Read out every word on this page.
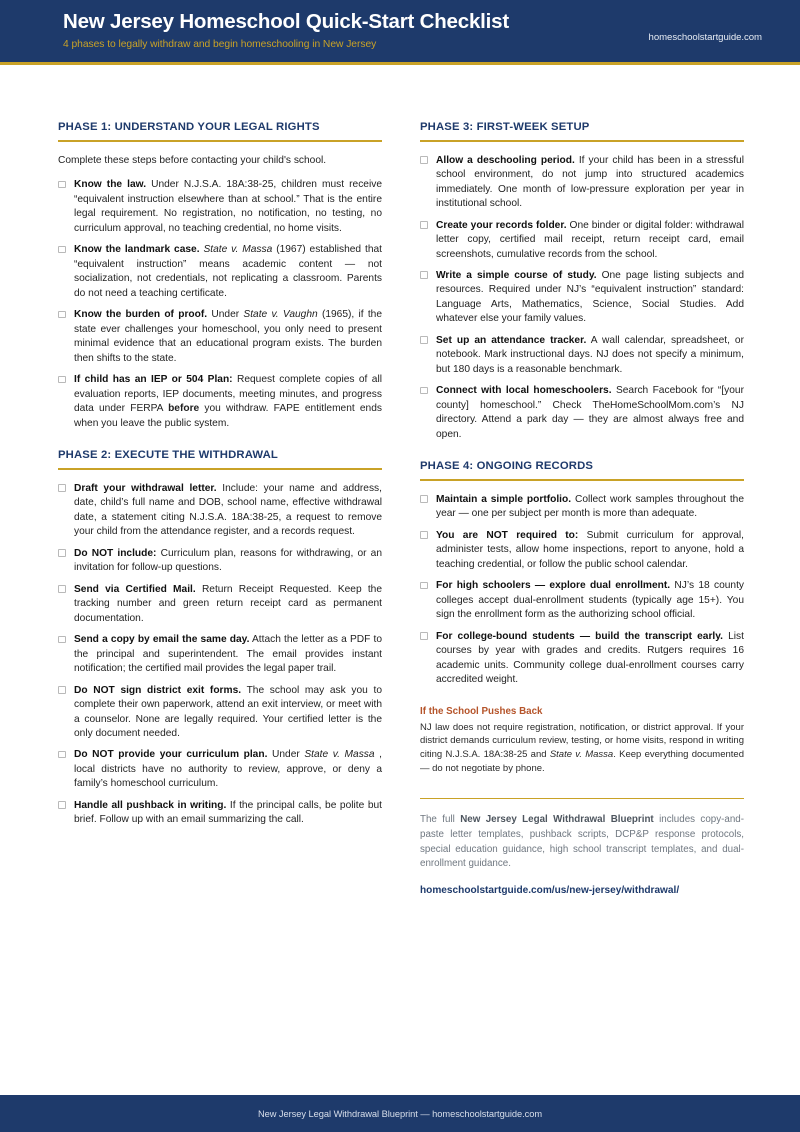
New Jersey Homeschool Quick-Start Checklist
4 phases to legally withdraw and begin homeschooling in New Jersey
homeschoolstartguide.com
PHASE 1: UNDERSTAND YOUR LEGAL RIGHTS

Complete these steps before contacting your child's school.

Know the law. Under N.J.S.A. 18A:38-25, children must receive “equivalent instruction elsewhere than at school.” That is the entire legal requirement. No registration, no notification, no testing, no curriculum approval, no teaching credential, no home visits.
Know the landmark case. State v. Massa (1967) established that “equivalent instruction” means academic content — not socialization, not credentials, not replicating a classroom. Parents do not need a teaching certificate.
Know the burden of proof. Under State v. Vaughn (1965), if the state ever challenges your homeschool, you only need to present minimal evidence that an educational program exists. The burden then shifts to the state.
If child has an IEP or 504 Plan: Request complete copies of all evaluation reports, IEP documents, meeting minutes, and progress data under FERPA before you withdraw. FAPE entitlement ends when you leave the public system.
PHASE 2: EXECUTE THE WITHDRAWAL
Draft your withdrawal letter. Include: your name and address, date, child’s full name and DOB, school name, effective withdrawal date, a statement citing N.J.S.A. 18A:38-25, a request to remove your child from the attendance register, and a records request.
Do NOT include: Curriculum plan, reasons for withdrawing, or an invitation for follow-up questions.
Send via Certified Mail. Return Receipt Requested. Keep the tracking number and green return receipt card as permanent documentation.
Send a copy by email the same day. Attach the letter as a PDF to the principal and superintendent. The email provides instant notification; the certified mail provides the legal paper trail.
Do NOT sign district exit forms. The school may ask you to complete their own paperwork, attend an exit interview, or meet with a counselor. None are legally required. Your certified letter is the only document needed.
Do NOT provide your curriculum plan. Under State v. Massa , local districts have no authority to review, approve, or deny a family’s homeschool curriculum.
Handle all pushback in writing. If the principal calls, be polite but brief. Follow up with an email summarizing the call.
PHASE 3: FIRST-WEEK SETUP
Allow a deschooling period. If your child has been in a stressful school environment, do not jump into structured academics immediately. One month of low-pressure exploration per year in institutional school.
Create your records folder. One binder or digital folder: withdrawal letter copy, certified mail receipt, return receipt card, email screenshots, cumulative records from the school.
Write a simple course of study. One page listing subjects and resources. Required under NJ’s “equivalent instruction” standard: Language Arts, Mathematics, Science, Social Studies. Add whatever else your family values.
Set up an attendance tracker. A wall calendar, spreadsheet, or notebook. Mark instructional days. NJ does not specify a minimum, but 180 days is a reasonable benchmark.
Connect with local homeschoolers. Search Facebook for “[your county] homeschool.” Check TheHomeSchoolMom.com’s NJ directory. Attend a park day — they are almost always free and open.
PHASE 4: ONGOING RECORDS
Maintain a simple portfolio. Collect work samples throughout the year — one per subject per month is more than adequate.
You are NOT required to: Submit curriculum for approval, administer tests, allow home inspections, report to anyone, hold a teaching credential, or follow the public school calendar.
For high schoolers — explore dual enrollment. NJ’s 18 county colleges accept dual-enrollment students (typically age 15+). You sign the enrollment form as the authorizing school official.
For college-bound students — build the transcript early. List courses by year with grades and credits. Rutgers requires 16 academic units. Community college dual-enrollment courses carry accredited weight.
If the School Pushes Back

NJ law does not require registration, notification, or district approval. If your district demands curriculum review, testing, or home visits, respond in writing citing N.J.S.A. 18A:38-25 and State v. Massa. Keep everything documented — do not negotiate by phone.

The full New Jersey Legal Withdrawal Blueprint includes copy-and-paste letter templates, pushback scripts, DCP&P response protocols, special education guidance, high school transcript templates, and dual-enrollment guidance.

homeschoolstartguide.com/us/new-jersey/withdrawal/
New Jersey Legal Withdrawal Blueprint — homeschoolstartguide.com
